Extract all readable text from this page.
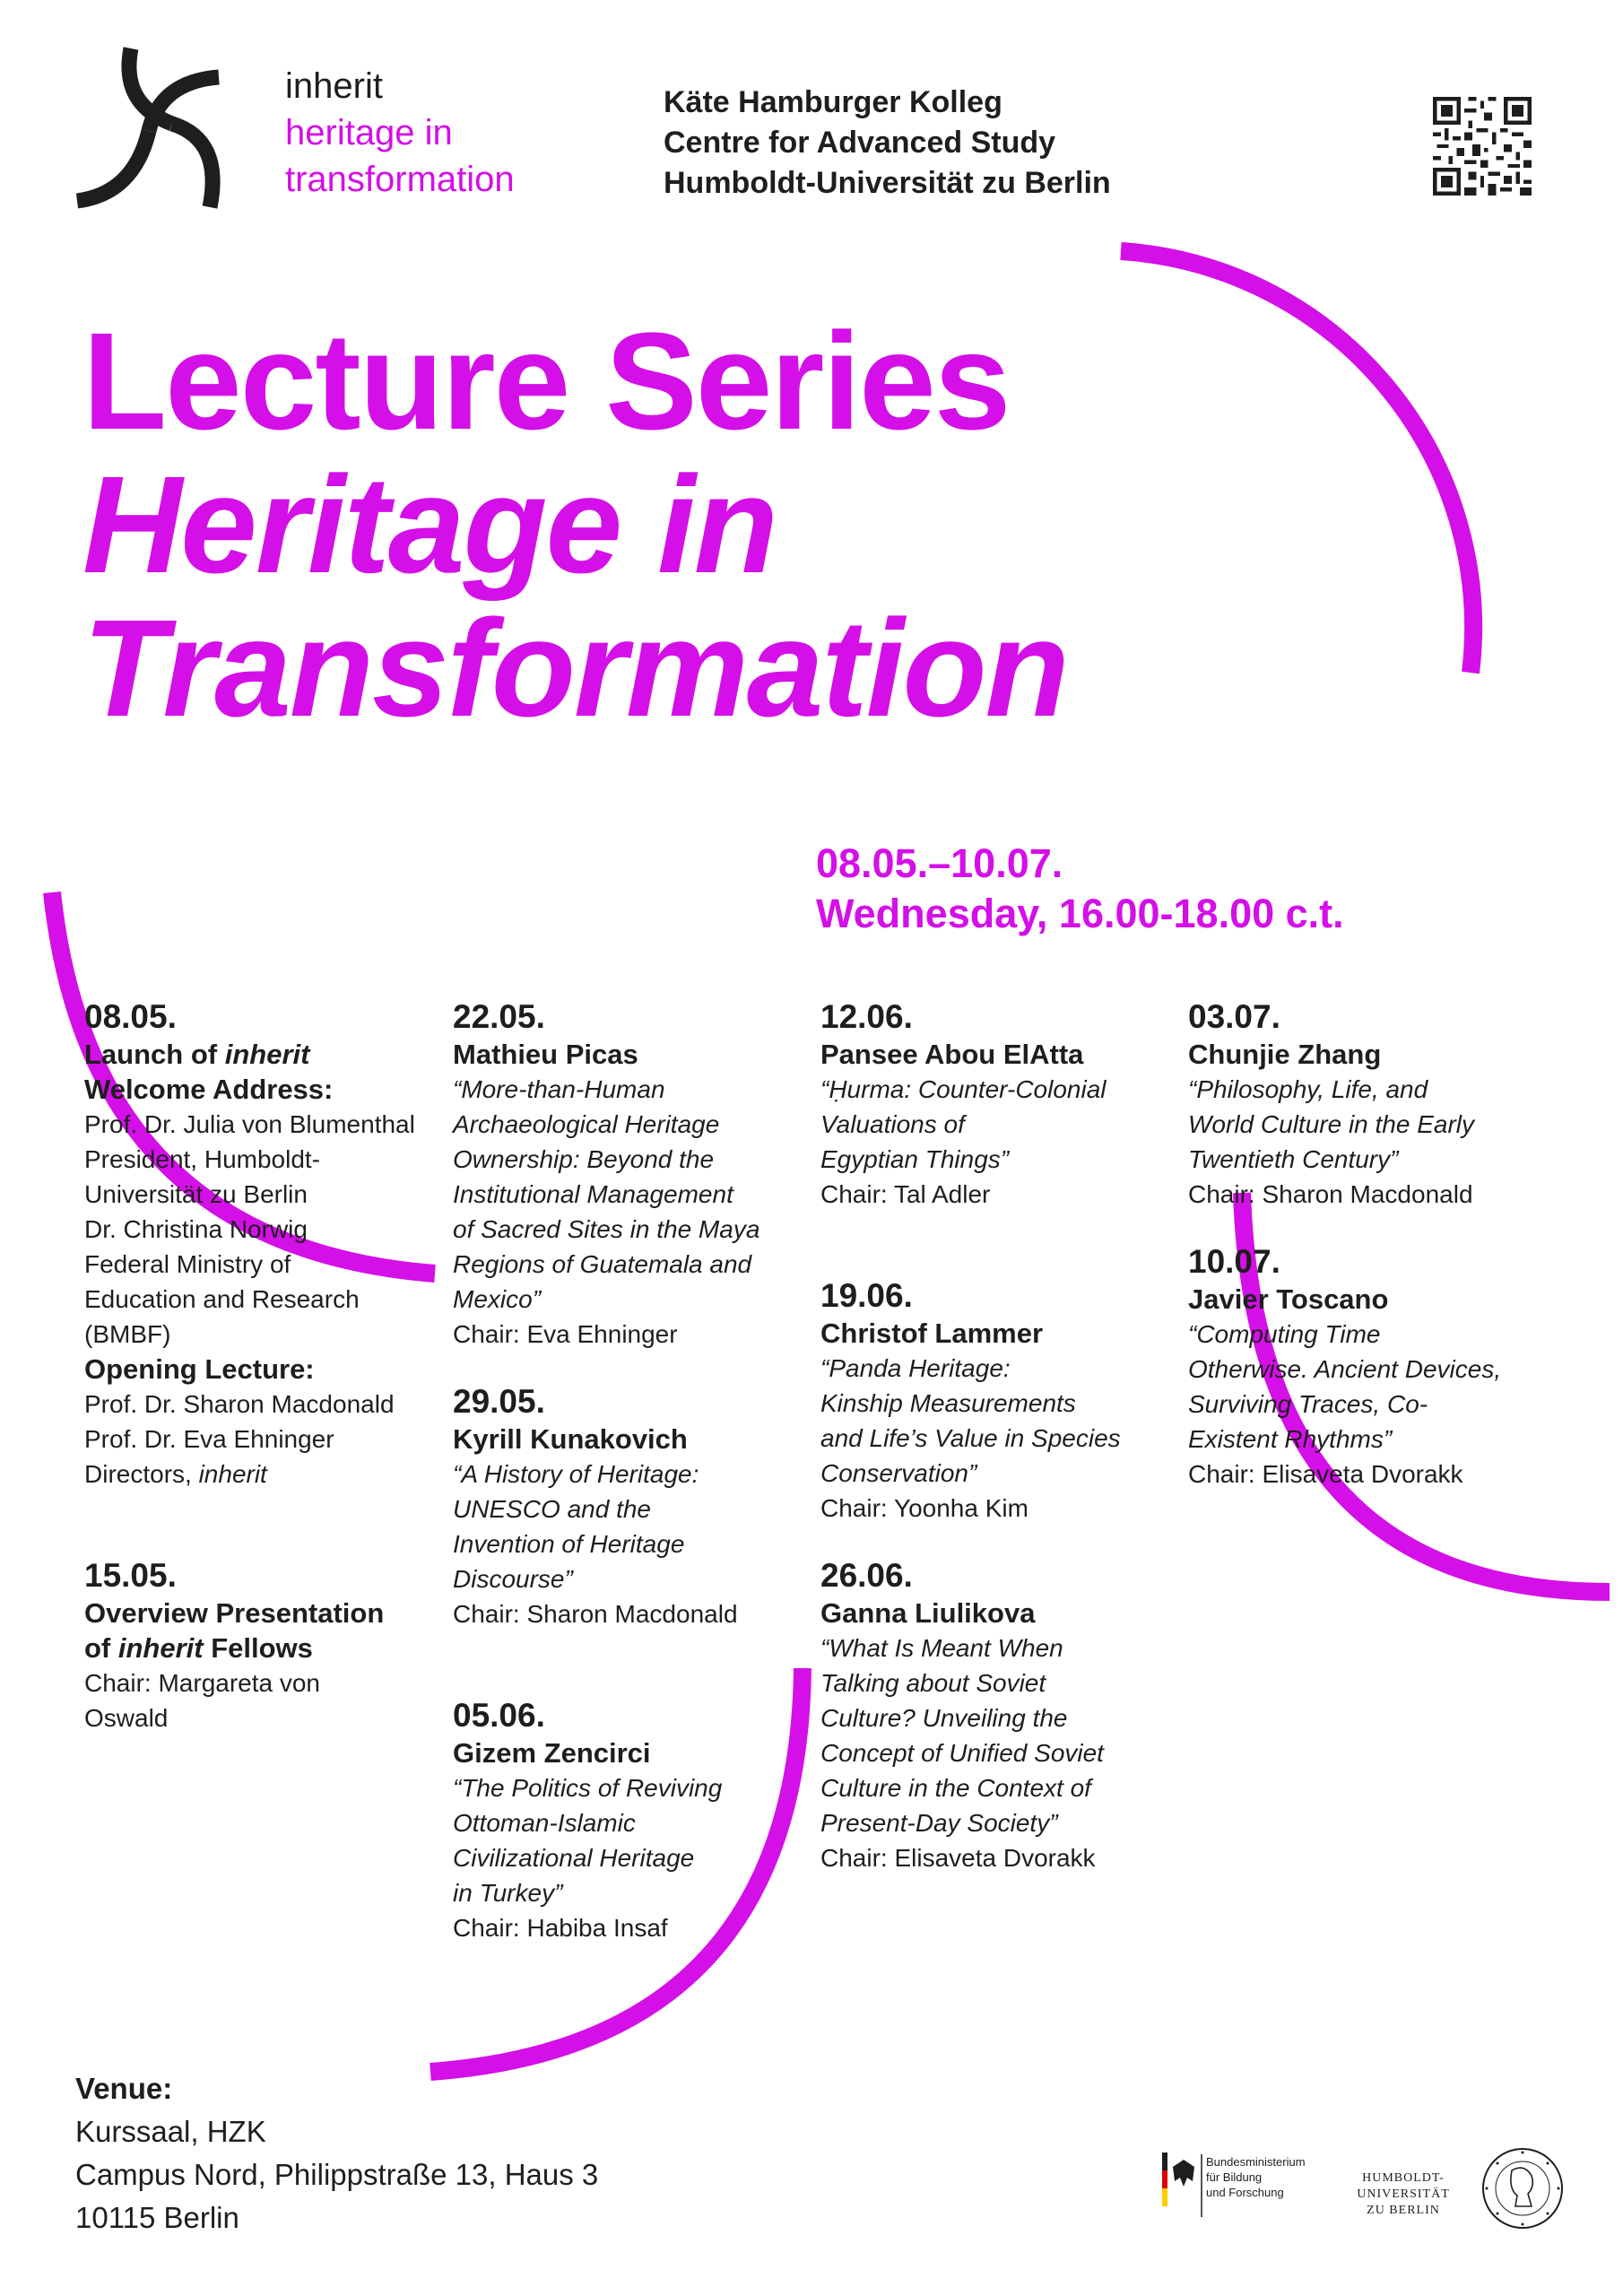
inherit
heritage in
transformation
Käte Hamburger Kolleg
Centre for Advanced Study
Humboldt-Universität zu Berlin
Lecture Series
Heritage in
Transformation
08.05.–10.07.
Wednesday, 16.00-18.00 c.t.
08.05.
Launch of inherit
Welcome Address:
Prof. Dr. Julia von Blumenthal
President, Humboldt-
Universität zu Berlin
Dr. Christina Norwig
Federal Ministry of
Education and Research
(BMBF)
Opening Lecture:
Prof. Dr. Sharon Macdonald
Prof. Dr. Eva Ehninger
Directors, inherit
15.05.
Overview Presentation
of inherit Fellows
Chair: Margareta von
Oswald
22.05.
Mathieu Picas
“More-than-Human
Archaeological Heritage
Ownership: Beyond the
Institutional Management
of Sacred Sites in the Maya
Regions of Guatemala and
Mexico”
Chair: Eva Ehninger
29.05.
Kyrill Kunakovich
“A History of Heritage:
UNESCO and the
Invention of Heritage
Discourse”
Chair: Sharon Macdonald
05.06.
Gizem Zencirci
“The Politics of Reviving
Ottoman-Islamic
Civilizational Heritage
in Turkey”
Chair: Habiba Insaf
12.06.
Pansee Abou ElAtta
“Ḥurma: Counter-Colonial
Valuations of
Egyptian Things”
Chair: Tal Adler
19.06.
Christof Lammer
“Panda Heritage:
Kinship Measurements
and Life’s Value in Species
Conservation”
Chair: Yoonha Kim
26.06.
Ganna Liulikova
“What Is Meant When
Talking about Soviet
Culture? Unveiling the
Concept of Unified Soviet
Culture in the Context of
Present-Day Society”
Chair: Elisaveta Dvorakk
03.07.
Chunjie Zhang
“Philosophy, Life, and
World Culture in the Early
Twentieth Century”
Chair: Sharon Macdonald
10.07.
Javier Toscano
“Computing Time
Otherwise. Ancient Devices,
Surviving Traces, Co-
Existent Rhythms”
Chair: Elisaveta Dvorakk
Venue:
Kurssaal, HZK
Campus Nord, Philippstraße 13, Haus 3
10115 Berlin
Bundesministerium
für Bildung
und Forschung
HUMBOLDT-
UNIVERSITÄT
ZU BERLIN
